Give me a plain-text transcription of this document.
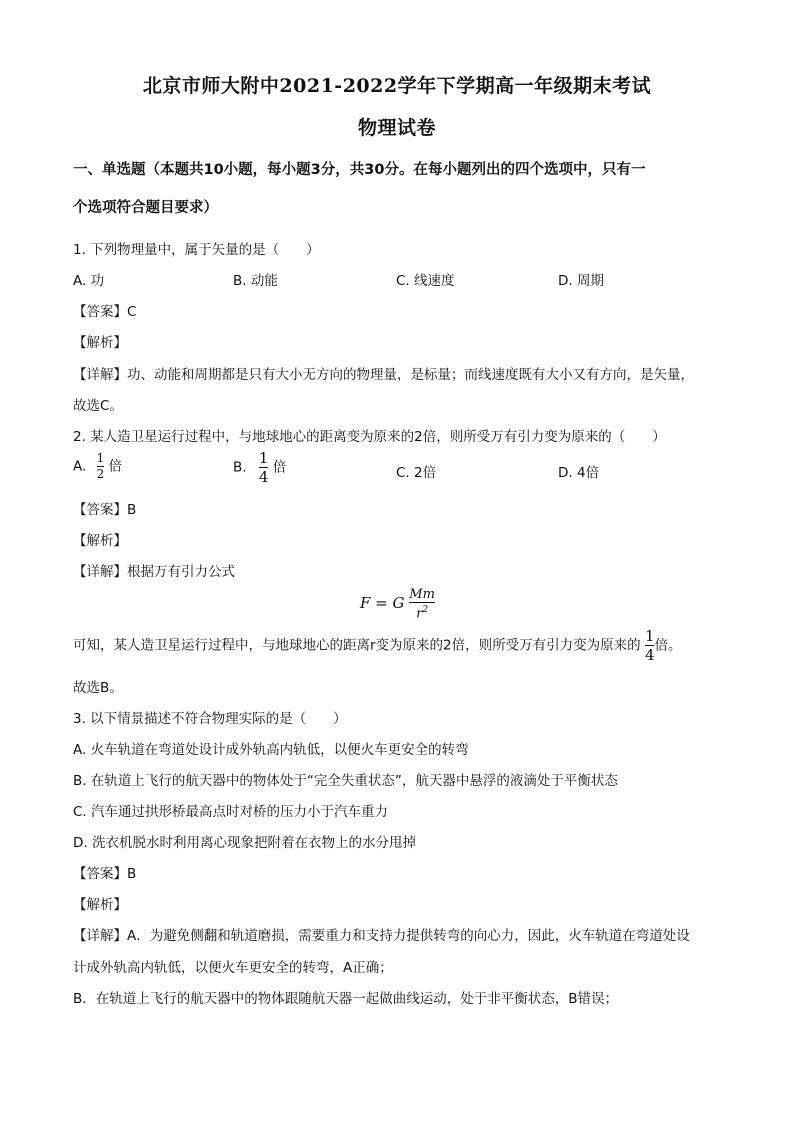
北京市师大附中2021-2022学年下学期高一年级期末考试
物理试卷
一、单选题（本题共10小题，每小题3分，共30分。在每小题列出的四个选项中，只有一
个选项符合题目要求）
1. 下列物理量中，属于矢量的是（　　）
A. 功	B. 动能	C. 线速度	D. 周期
【答案】C
【解析】
【详解】功、动能和周期都是只有大小无方向的物理量，是标量；而线速度既有大小又有方向，是矢量，
故选C。
2. 某人造卫星运行过程中，与地球地心的距离变为原来的2倍，则所受万有引力变为原来的（　　）
A. $\frac{1}{2}$ 倍	B. $\frac{1}{4}$ 倍	C. 2倍	D. 4倍
【答案】B
【解析】
【详解】根据万有引力公式
F = G $\frac{Mm}{r^2}$
可知，某人造卫星运行过程中，与地球地心的距离r变为原来的2倍，则所受万有引力变为原来的 $\frac{1}{4}$ 倍。
故选B。
3. 以下情景描述不符合物理实际的是（　　）
A. 火车轨道在弯道处设计成外轨高内轨低，以便火车更安全的转弯
B. 在轨道上飞行的航天器中的物体处于“完全失重状态”，航天器中悬浮的液滴处于平衡状态
C. 汽车通过拱形桥最高点时对桥的压力小于汽车重力
D. 洗衣机脱水时利用离心现象把附着在衣物上的水分甩掉
【答案】B
【解析】
【详解】A．为避免侧翻和轨道磨损，需要重力和支持力提供转弯的向心力，因此，火车轨道在弯道处设
计成外轨高内轨低，以便火车更安全的转弯，A正确；
B．在轨道上飞行的航天器中的物体跟随航天器一起做曲线运动，处于非平衡状态，B错误；
